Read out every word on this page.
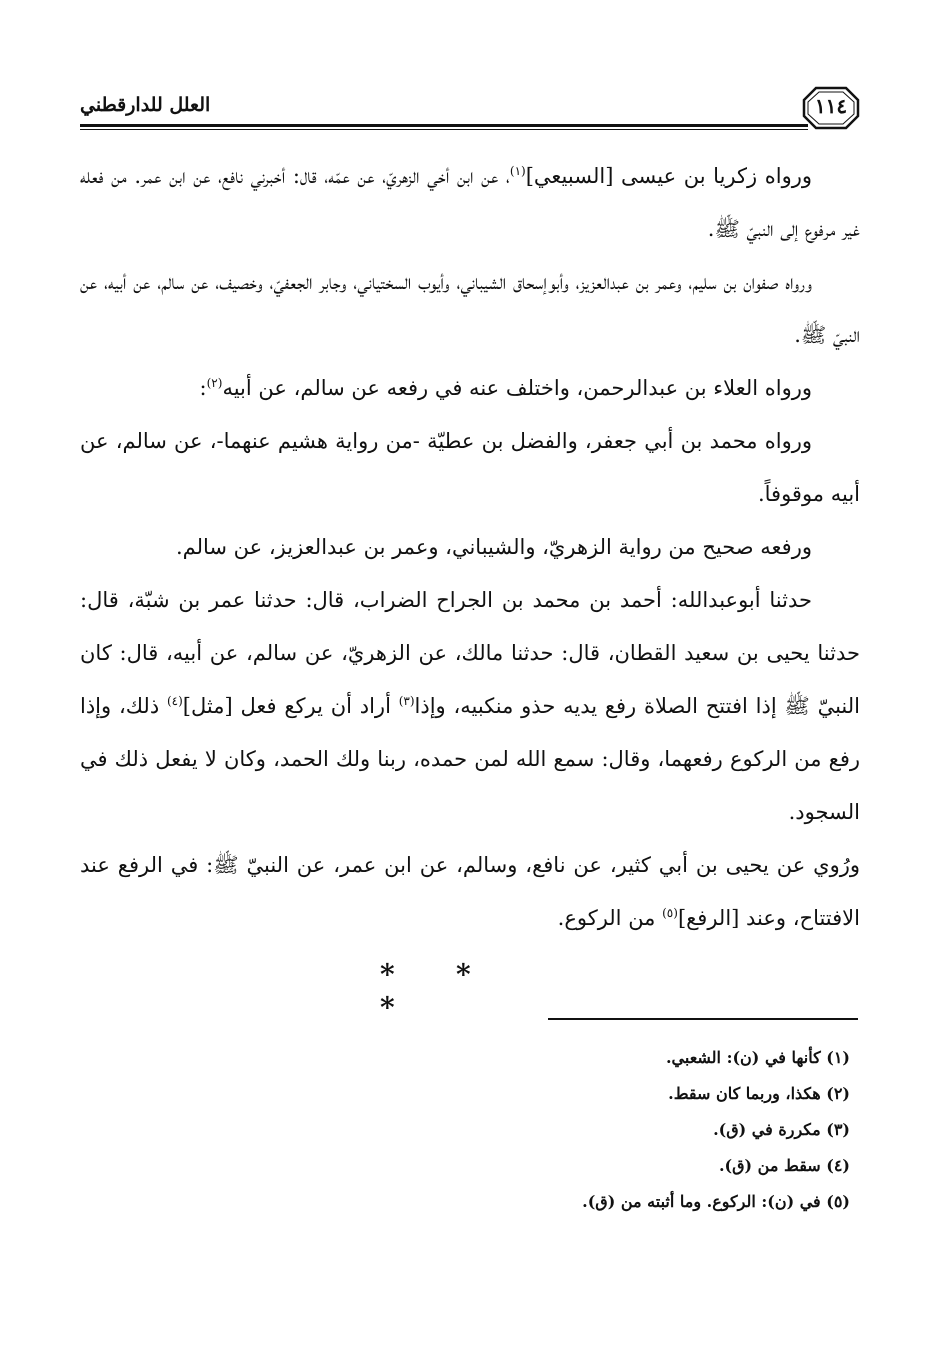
١١٤
العلل للدارقطني

ورواه زكريا بن عيسى [السبيعي]$^{(١)}$، عن ابن أخي الزهريّ، عن عمّه، قال: أخبرني نافع، عن ابن عمر. من فعله غير مرفوع إلى النبيّ ﷺ.

ورواه صفوان بن سليم، وعمر بن عبدالعزيز، وأبوإسحاق الشيباني، وأيوب السختياني، وجابر الجعفيّ، وخصيف، عن سالم، عن أبيه، عن النبيّ ﷺ.

ورواه العلاء بن عبدالرحمن، واختلف عنه في رفعه عن سالم، عن أبيه$^{(٢)}$:

ورواه محمد بن أبي جعفر، والفضل بن عطيّة -من رواية هشيم عنهما-، عن سالم، عن أبيه موقوفاً.

ورفعه صحيح من رواية الزهريّ، والشيباني، وعمر بن عبدالعزيز، عن سالم.

حدثنا أبوعبدالله: أحمد بن محمد بن الجراح الضراب، قال: حدثنا عمر بن شبّة، قال: حدثنا يحيى بن سعيد القطان، قال: حدثنا مالك، عن الزهريّ، عن سالم، عن أبيه، قال: كان النبيّ ﷺ إذا افتتح الصلاة رفع يديه حذو منكبيه، وإذا$^{(٣)}$ أراد أن يركع فعل [مثل]$^{(٤)}$ ذلك، وإذا رفع من الركوع رفعهما، وقال: سمع الله لمن حمده، ربنا ولك الحمد، وكان لا يفعل ذلك في السجود.

ورُوي عن يحيى بن أبي كثير، عن نافع، وسالم، عن ابن عمر، عن النبيّ ﷺ: في الرفع عند الافتتاح، وعند [الرفع]$^{(٥)}$ من الركوع.

* **

(١) كأنها في (ن): الشعبي.

(٢) هكذا، وربما كان سقط.

(٣) مكررة في (ق).

(٤) سقط من (ق).

(٥) في (ن): الركوع. وما أثبته من (ق).
